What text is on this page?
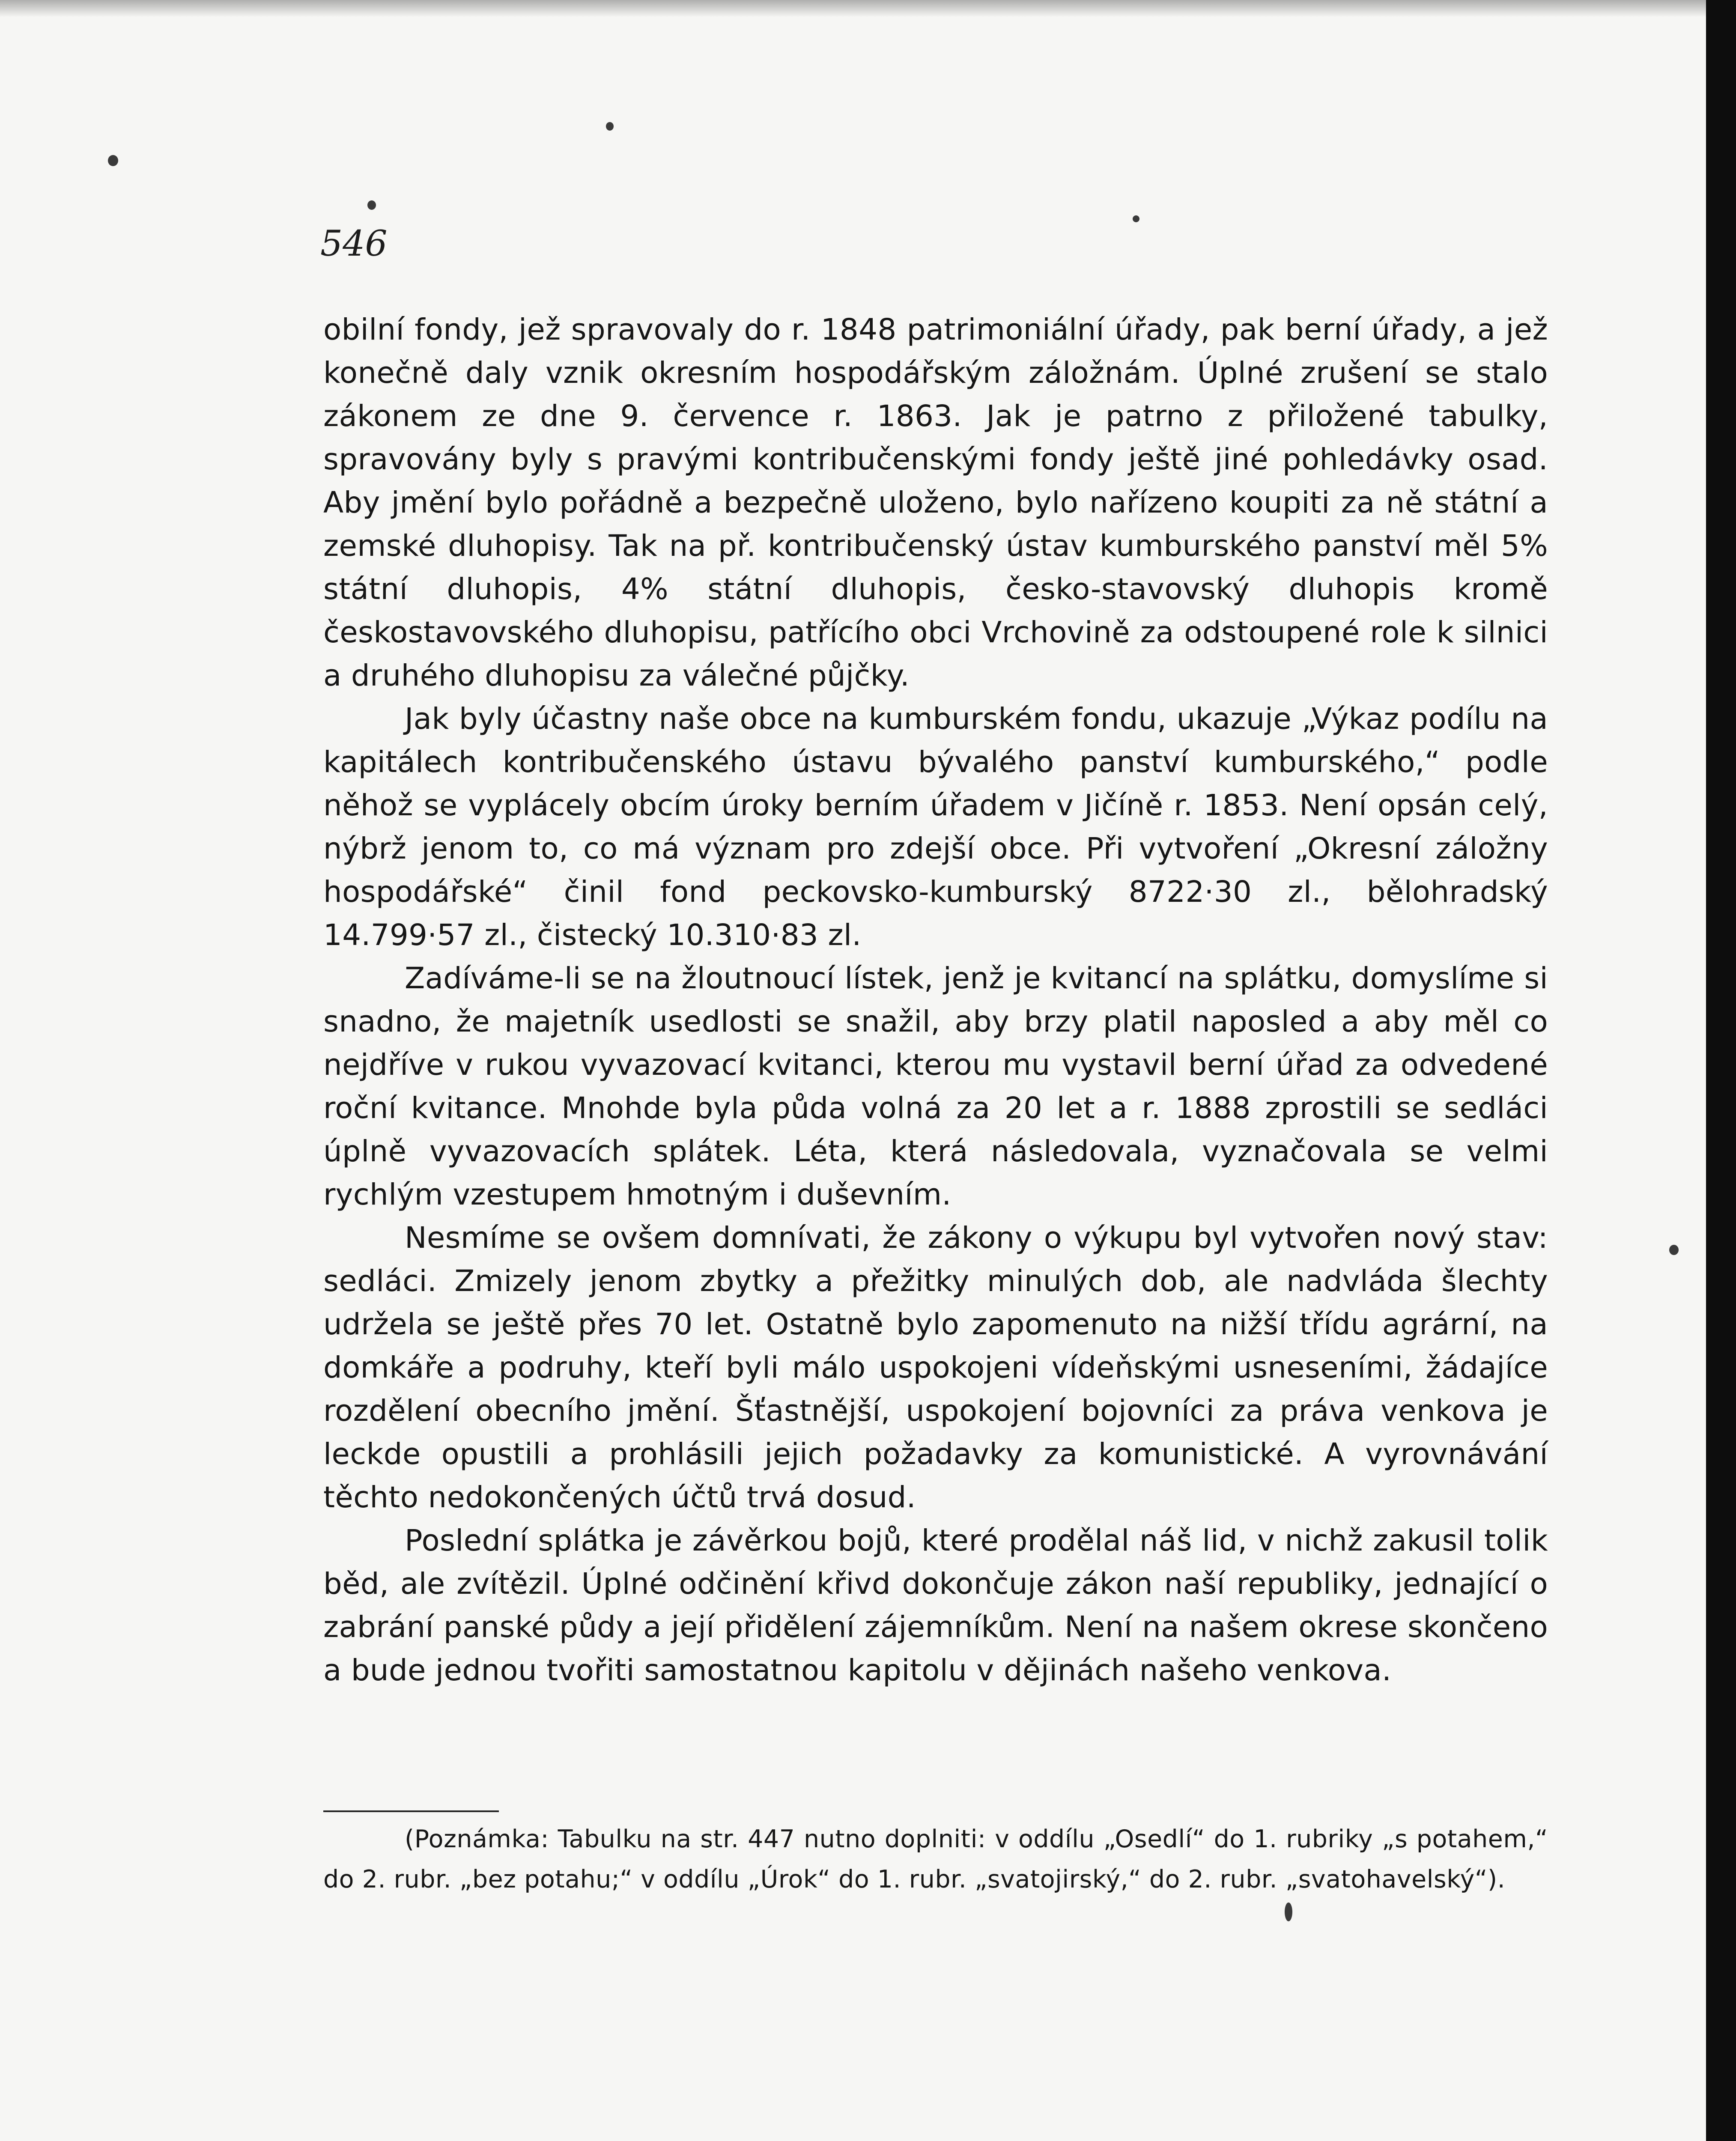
546

obilní fondy, jež spravovaly do r. 1848 patrimoniální úřady, pak berní úřady, a jež konečně daly vznik okresním hospodářským záložnám. Úplné zrušení se stalo zákonem ze dne 9. července r. 1863. Jak je patrno z přiložené tabulky, spravovány byly s pravými kontribučenskými fondy ještě jiné pohledávky osad. Aby jmění bylo pořádně a bezpečně uloženo, bylo nařízeno koupiti za ně státní a zemské dluhopisy. Tak na př. kontribučenský ústav kumburského panství měl 5% státní dluhopis, 4% státní dluhopis, česko-stavovský dluhopis kromě českostavovského dluhopisu, patřícího obci Vrchovině za odstoupené role k silnici a druhého dluhopisu za válečné půjčky.

Jak byly účastny naše obce na kumburském fondu, ukazuje „Výkaz podílu na kapitálech kontribučenského ústavu bývalého panství kumburského,“ podle něhož se vyplácely obcím úroky berním úřadem v Jičíně r. 1853. Není opsán celý, nýbrž jenom to, co má význam pro zdejší obce. Při vytvoření „Okresní záložny hospodářské“ činil fond peckovsko-kumburský 8722·30 zl., bělohradský 14.799·57 zl., čistecký 10.310·83 zl.

Zadíváme-li se na žloutnoucí lístek, jenž je kvitancí na splátku, domyslíme si snadno, že majetník usedlosti se snažil, aby brzy platil naposled a aby měl co nejdříve v rukou vyvazovací kvitanci, kterou mu vystavil berní úřad za odvedené roční kvitance. Mnohde byla půda volná za 20 let a r. 1888 zprostili se sedláci úplně vyvazovacích splátek. Léta, která následovala, vyznačovala se velmi rychlým vzestupem hmotným i duševním.

Nesmíme se ovšem domnívati, že zákony o výkupu byl vytvořen nový stav: sedláci. Zmizely jenom zbytky a přežitky minulých dob, ale nadvláda šlechty udržela se ještě přes 70 let. Ostatně bylo zapomenuto na nižší třídu agrární, na domkáře a podruhy, kteří byli málo uspokojeni vídeňskými usneseními, žádajíce rozdělení obecního jmění. Šťastnější, uspokojení bojovníci za práva venkova je leckde opustili a prohlásili jejich požadavky za komunistické. A vyrovnávání těchto nedokončených účtů trvá dosud.

Poslední splátka je závěrkou bojů, které prodělal náš lid, v nichž zakusil tolik běd, ale zvítězil. Úplné odčinění křivd dokončuje zákon naší republiky, jednající o zabrání panské půdy a její přidělení zájemníkům. Není na našem okrese skončeno a bude jednou tvořiti samostatnou kapitolu v dějinách našeho venkova.

(Poznámka: Tabulku na str. 447 nutno doplniti: v oddílu „Osedlí“ do 1. rubriky „s potahem,“ do 2. rubr. „bez potahu;“ v oddílu „Úrok“ do 1. rubr. „svatojirský,“ do 2. rubr. „svatohavelský“).
